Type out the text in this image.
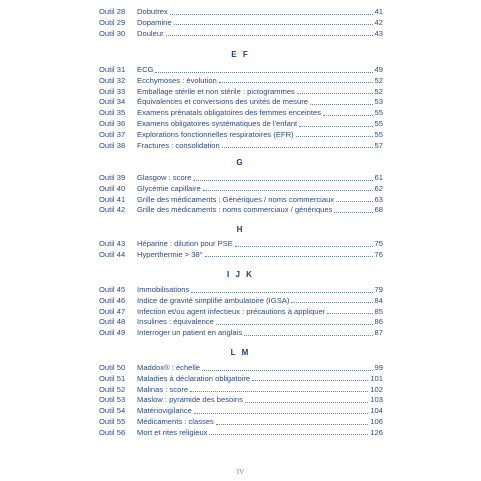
Outil 28	Dobutrex	41
Outil 29	Dopamine	42
Outil 30	Douleur	43
E F
Outil 31	ECG	49
Outil 32	Ecchymoses : évolution	52
Outil 33	Emballage stérile et non stérile : pictogrammes	52
Outil 34	Équivalences et conversions des unités de mesure	53
Outil 35	Examens prénatals obligatoires des femmes enceintes	55
Outil 36	Examens obligatoires systématiques de l'enfant	55
Outil 37	Explorations fonctionnelles respiratoires (EFR)	55
Outil 38	Fractures : consolidation	57
G
Outil 39	Glasgow : score	61
Outil 40	Glycémie capillaire	62
Outil 41	Grille des médicaments : Génériques / noms commerciaux	63
Outil 42	Grille des médicaments : noms commerciaux / génériques	68
H
Outil 43	Héparine : dilution pour PSE	75
Outil 44	Hyperthermie > 38°	76
I J K
Outil 45	Immobilisations	79
Outil 46	Indice de gravité simplifié ambulatoire (IGSA)	84
Outil 47	Infection et/ou agent infectieux : précautions à appliquer	85
Outil 48	Insulines : équivalence	86
Outil 49	Interroger un patient en anglais	87
L M
Outil 50	Maddox® : échelle	99
Outil 51	Maladies à déclaration obligatoire	101
Outil 52	Malinas : score	102
Outil 53	Maslow : pyramide des besoins	103
Outil 54	Matériovigilance	104
Outil 55	Médicaments : classes	106
Outil 56	Mort et rites religieux	126
IV
